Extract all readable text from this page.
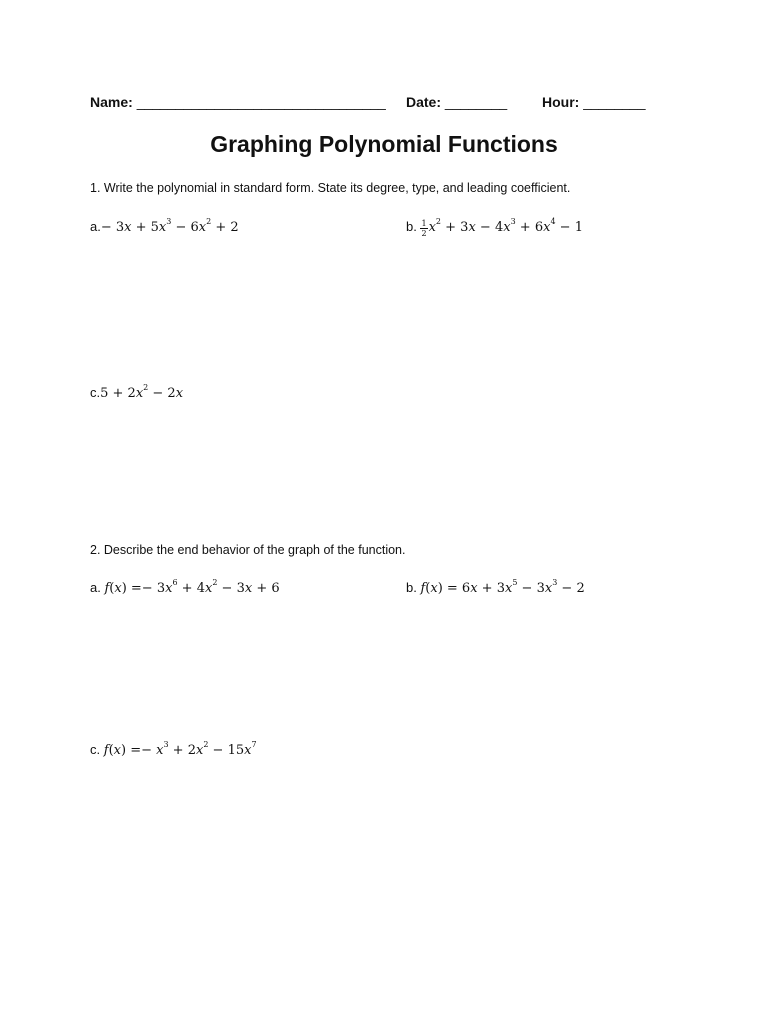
Name: ________________________________ Date: ________ Hour: ________
Graphing Polynomial Functions
1. Write the polynomial in standard form. State its degree, type, and leading coefficient.
$a.- 3x + 5x^3 - 6x^2 + 2$	b. $\frac{1}{2} x^2 + 3x - 4x^3 + 6x^4 - 1$
$c.5 + 2x^2 - 2x$
2. Describe the end behavior of the graph of the function.
a. $f(x) =- 3x^6 + 4x^2 - 3x + 6$	b. $f(x) = 6x + 3x^5 - 3x^3 - 2$
c. $f(x) =- x^3 + 2x^2 - 15x^7$
